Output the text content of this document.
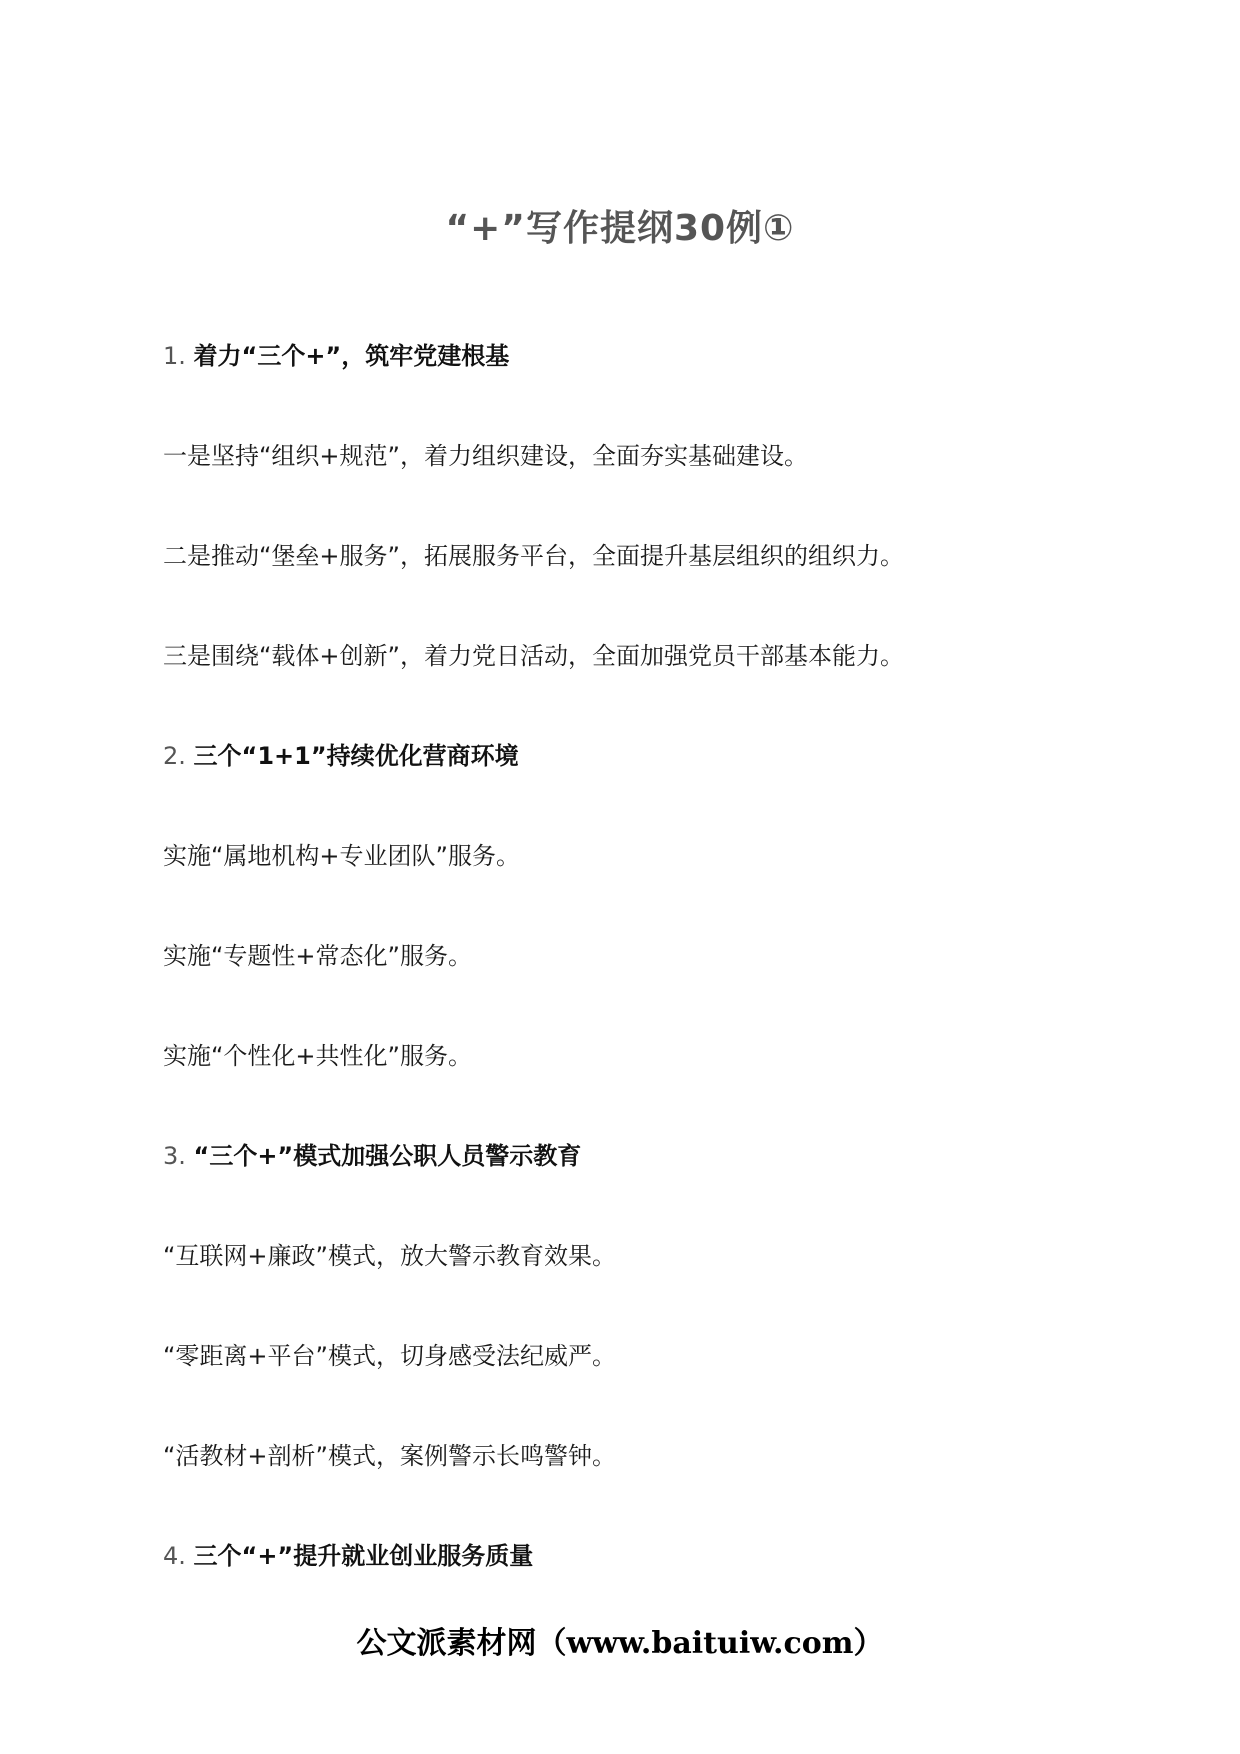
“+”写作提纲30例①
1. 着力“三个+”，筑牢党建根基
一是坚持“组织+规范”，着力组织建设，全面夯实基础建设。
二是推动“堡垒+服务”，拓展服务平台，全面提升基层组织的组织力。
三是围绕“载体+创新”，着力党日活动，全面加强党员干部基本能力。
2. 三个“1+1”持续优化营商环境
实施“属地机构+专业团队”服务。
实施“专题性+常态化”服务。
实施“个性化+共性化”服务。
3. “三个+”模式加强公职人员警示教育
“互联网+廉政”模式，放大警示教育效果。
“零距离+平台”模式，切身感受法纪威严。
“活教材+剖析”模式，案例警示长鸣警钟。
4. 三个“+”提升就业创业服务质量
公文派素材网（www.baituiw.com）
